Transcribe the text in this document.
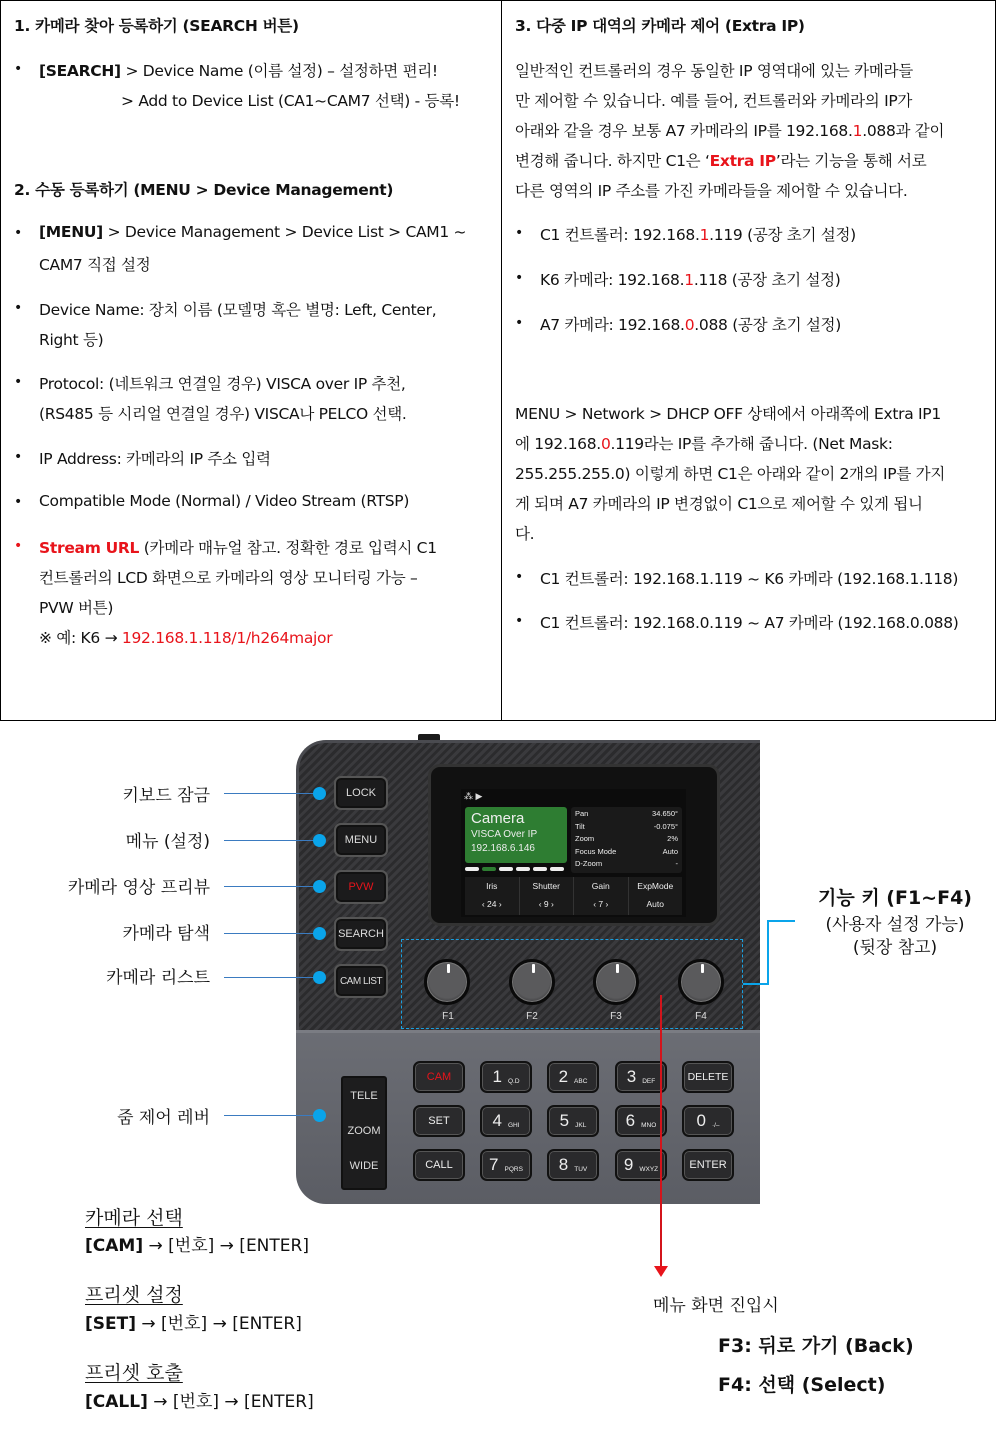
1. 카메라 찾아 등록하기 (SEARCH 버튼)
• [SEARCH] > Device Name (이름 설정) – 설정하면 편리!
> Add to Device List (CA1~CAM7 선택) - 등록!
2. 수동 등록하기 (MENU > Device Management)
• [MENU] > Device Management > Device List > CAM1 ~
CAM7 직접 설정
• Device Name: 장치 이름 (모델명 혹은 별명: Left, Center,
Right 등)
• Protocol: (네트워크 연결일 경우) VISCA over IP 추천,
(RS485 등 시리얼 연결일 경우) VISCA나 PELCO 선택.
• IP Address: 카메라의 IP 주소 입력
• Compatible Mode (Normal) / Video Stream (RTSP)
• Stream URL (카메라 매뉴얼 참고. 정확한 경로 입력시 C1
컨트롤러의 LCD 화면으로 카메라의 영상 모니터링 가능 –
PVW 버튼)
※ 예: K6 → 192.168.1.118/1/h264major
3. 다중 IP 대역의 카메라 제어 (Extra IP)
일반적인 컨트롤러의 경우 동일한 IP 영역대에 있는 카메라들
만 제어할 수 있습니다. 예를 들어, 컨트롤러와 카메라의 IP가
아래와 같을 경우 보통 A7 카메라의 IP를 192.168.1.088과 같이
변경해 줍니다. 하지만 C1은 ‘Extra IP’라는 기능을 통해 서로
다른 영역의 IP 주소를 가진 카메라들을 제어할 수 있습니다.
• C1 컨트롤러: 192.168.1.119 (공장 초기 설정)
• K6 카메라: 192.168.1.118 (공장 초기 설정)
• A7 카메라: 192.168.0.088 (공장 초기 설정)
MENU > Network > DHCP OFF 상태에서 아래쪽에 Extra IP1
에 192.168.0.119라는 IP를 추가해 줍니다. (Net Mask:
255.255.255.0) 이렇게 하면 C1은 아래와 같이 2개의 IP를 가지
게 되며 A7 카메라의 IP 변경없이 C1으로 제어할 수 있게 됩니
다.
• C1 컨트롤러: 192.168.1.119 ~ K6 카메라 (192.168.1.118)
• C1 컨트롤러: 192.168.0.119 ~ A7 카메라 (192.168.0.088)
LOCK
MENU
PVW
SEARCH
CAM LIST
⁂ ▶
Camera
VISCA Over IP
192.168.6.146
Pan	34.650°
Tilt	-0.075°
Zoom	2%
Focus Mode	Auto
D-Zoom	-
Iris
‹ 24 ›
Shutter
‹ 9 ›
Gain
‹ 7 ›
ExpMode
Auto
F1	F2	F3	F4
TELE
ZOOM
WIDE
CAM
SET
CALL
1 Q.D 2 ABC 3 DEF
4 GHI 5 JKL 6 MNO
7 PQRS 8 TUV 9 WXYZ
DELETE
0 ·/–
ENTER
키보드 잠금
메뉴 (설정)
카메라 영상 프리뷰
카메라 탐색
카메라 리스트
줌 제어 레버
기능 키 (F1~F4)
(사용자 설정 가능)
(뒷장 참고)
카메라 선택
[CAM] → [번호] → [ENTER]
프리셋 설정
[SET] → [번호] → [ENTER]
프리셋 호출
[CALL] → [번호] → [ENTER]
메뉴 화면 진입시
F3: 뒤로 가기 (Back)
F4: 선택 (Select)
